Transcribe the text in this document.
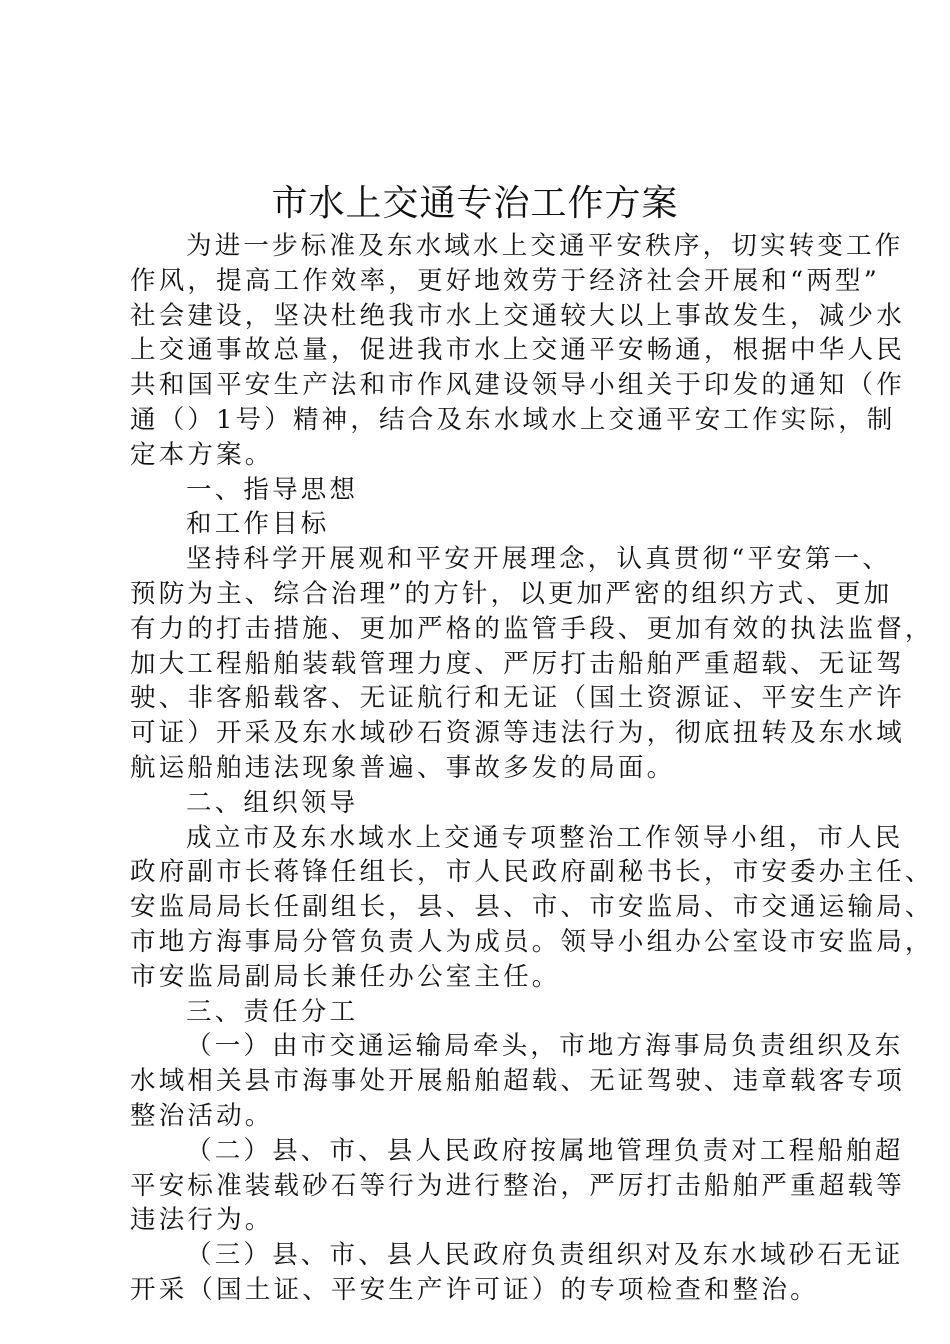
市水上交通专治工作方案
为进一步标准及东水域水上交通平安秩序，切实转变工作
作风，提高工作效率，更好地效劳于经济社会开展和“两型”
社会建设，坚决杜绝我市水上交通较大以上事故发生，减少水
上交通事故总量，促进我市水上交通平安畅通，根据中华人民
共和国平安生产法和市作风建设领导小组关于印发的通知（作
通（）1号）精神，结合及东水域水上交通平安工作实际，制
定本方案。
一、指导思想
和工作目标
坚持科学开展观和平安开展理念，认真贯彻“平安第一、
预防为主、综合治理”的方针，以更加严密的组织方式、更加
有力的打击措施、更加严格的监管手段、更加有效的执法监督，
加大工程船舶装载管理力度、严厉打击船舶严重超载、无证驾
驶、非客船载客、无证航行和无证（国土资源证、平安生产许
可证）开采及东水域砂石资源等违法行为，彻底扭转及东水域
航运船舶违法现象普遍、事故多发的局面。
二、组织领导
成立市及东水域水上交通专项整治工作领导小组，市人民
政府副市长蒋锋任组长，市人民政府副秘书长，市安委办主任、
安监局局长任副组长，县、县、市、市安监局、市交通运输局、
市地方海事局分管负责人为成员。领导小组办公室设市安监局，
市安监局副局长兼任办公室主任。
三、责任分工
（一）由市交通运输局牵头，市地方海事局负责组织及东
水域相关县市海事处开展船舶超载、无证驾驶、违章载客专项
整治活动。
（二）县、市、县人民政府按属地管理负责对工程船舶超
平安标准装载砂石等行为进行整治，严厉打击船舶严重超载等
违法行为。
（三）县、市、县人民政府负责组织对及东水域砂石无证
开采（国土证、平安生产许可证）的专项检查和整治。
